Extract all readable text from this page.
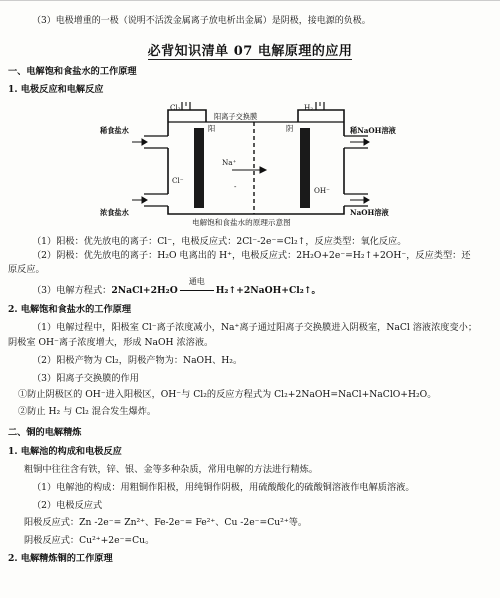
（3）电极增重的一极（说明不活泼金属离子放电析出金属）是阴极，接电源的负极。
必背知识清单 07 电解原理的应用
一、电解饱和食盐水的工作原理
1. 电极反应和电解反应
Cl₂	H₂
阳离子交换膜
阳	阴
稀食盐水	稀NaOH溶液
Na⁺
Cl⁻
-	OH⁻
浓食盐水	NaOH溶液
电解饱和食盐水的原理示意图
（1）阳极：优先放电的离子：Cl⁻，电极反应式：2Cl⁻-2e⁻=Cl₂↑，反应类型：氧化反应。
（2）阴极：优先放电的离子：H₂O 电离出的 H⁺，电极反应式：2H₂O+2e⁻=H₂↑+2OH⁻，反应类型：还
原反应。
（3）电解方程式：2NaCl+2H₂O
通电
H₂↑+2NaOH+Cl₂↑。
2. 电解饱和食盐水的工作原理
（1）电解过程中，阳极室 Cl⁻离子浓度减小，Na⁺离子通过阳离子交换膜进入阴极室，NaCl 溶液浓度变小；
阴极室 OH⁻离子浓度增大，形成 NaOH 浓溶液。
（2）阳极产物为 Cl₂，阴极产物为：NaOH、H₂。
（3）阳离子交换膜的作用
①防止阴极区的 OH⁻进入阳极区，OH⁻与 Cl₂的反应方程式为 Cl₂+2NaOH=NaCl+NaClO+H₂O。
②防止 H₂ 与 Cl₂ 混合发生爆炸。
二、铜的电解精炼
1. 电解池的构成和电极反应
粗铜中往往含有铁，锌、银、金等多种杂质，常用电解的方法进行精炼。
（1）电解池的构成：用粗铜作阳极，用纯铜作阴极，用硫酸酸化的硫酸铜溶液作电解质溶液。
（2）电极反应式
阳极反应式：Zn -2e⁻= Zn²⁺、Fe-2e⁻= Fe²⁺、Cu -2e⁻=Cu²⁺等。
阴极反应式：Cu²⁺+2e⁻=Cu。
2. 电解精炼铜的工作原理
